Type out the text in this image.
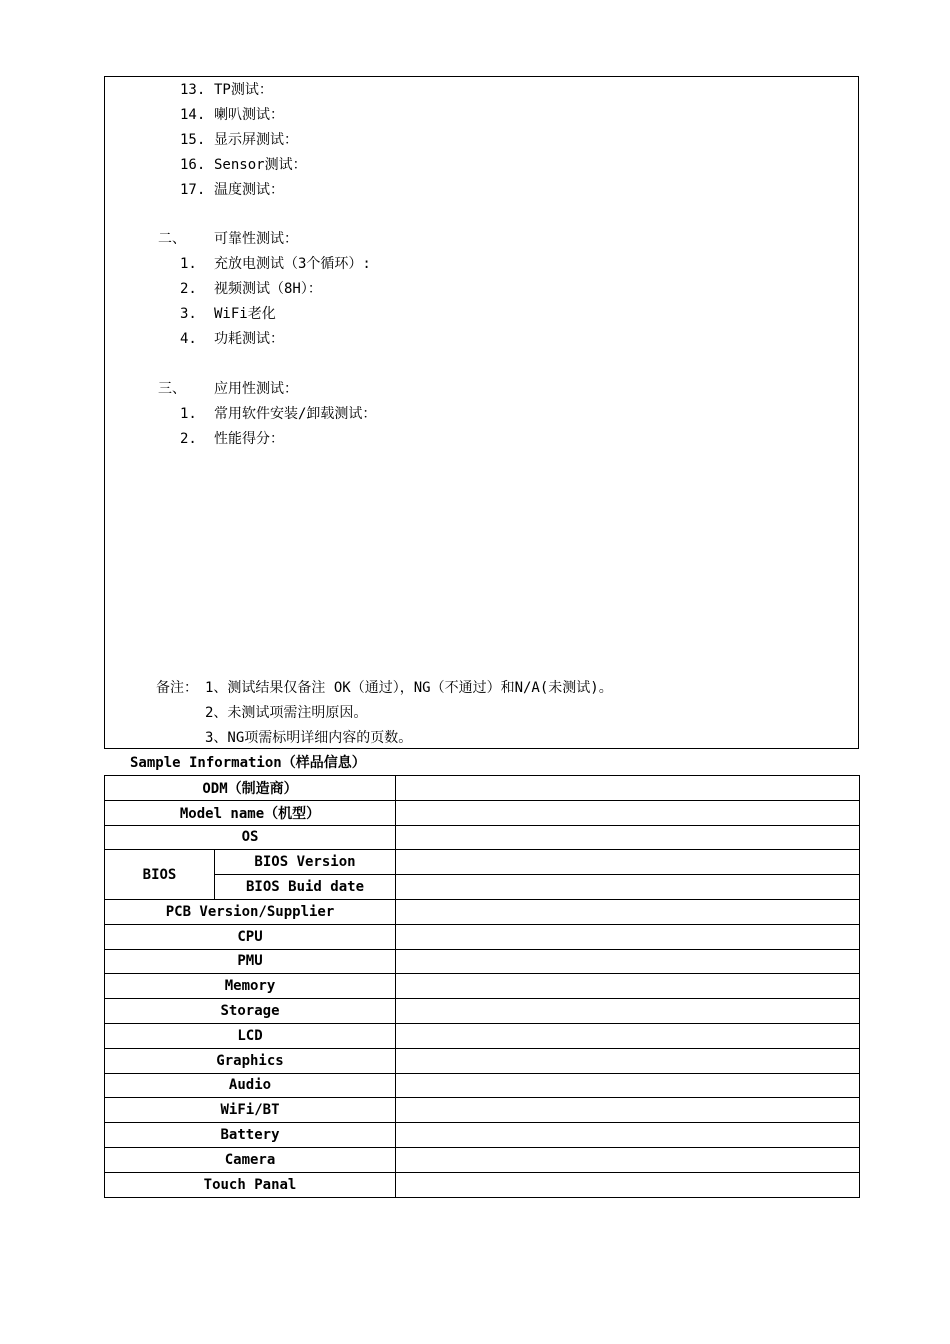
13. TP测试：
14. 喇叭测试：
15. 显示屏测试：
16. Sensor测试：
17. 温度测试：
二、 可靠性测试：
1. 充放电测试（3个循环）:
2. 视频测试（8H）：
3. WiFi老化
4. 功耗测试：
三、 应用性测试：
1. 常用软件安装/卸载测试：
2. 性能得分：
备注： 1、测试结果仅备注 OK（通过），NG（不通过）和N/A(未测试)。
2、未测试项需注明原因。
3、NG项需标明详细内容的页数。
Sample Information（样品信息）
ODM（制造商）		
Model name（机型）		
OS		
BIOS	BIOS Version	
	BIOS Buid date	
PCB Version/Supplier		
CPU		
PMU		
Memory		
Storage		
LCD		
Graphics		
Audio		
WiFi/BT		
Battery		
Camera		
Touch Panal		
